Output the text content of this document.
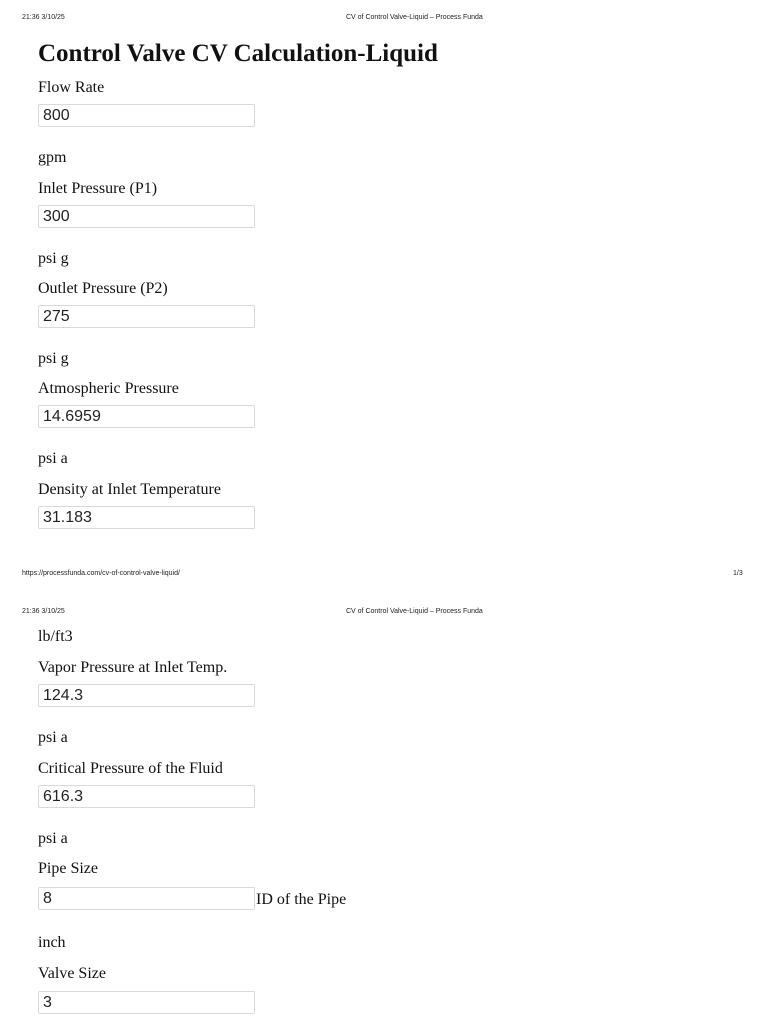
21:36 3/10/25	CV of Control Valve-Liquid – Process Funda
Control Valve CV Calculation-Liquid
Flow Rate
800
gpm
Inlet Pressure (P1)
300
psi g
Outlet Pressure (P2)
275
psi g
Atmospheric Pressure
14.6959
psi a
Density at Inlet Temperature
31.183
https://processfunda.com/cv-of-control-valve-liquid/	1/3
21:36 3/10/25	CV of Control Valve-Liquid – Process Funda
lb/ft3
Vapor Pressure at Inlet Temp.
124.3
psi a
Critical Pressure of the Fluid
616.3
psi a
Pipe Size
8
ID of the Pipe
inch
Valve Size
3
